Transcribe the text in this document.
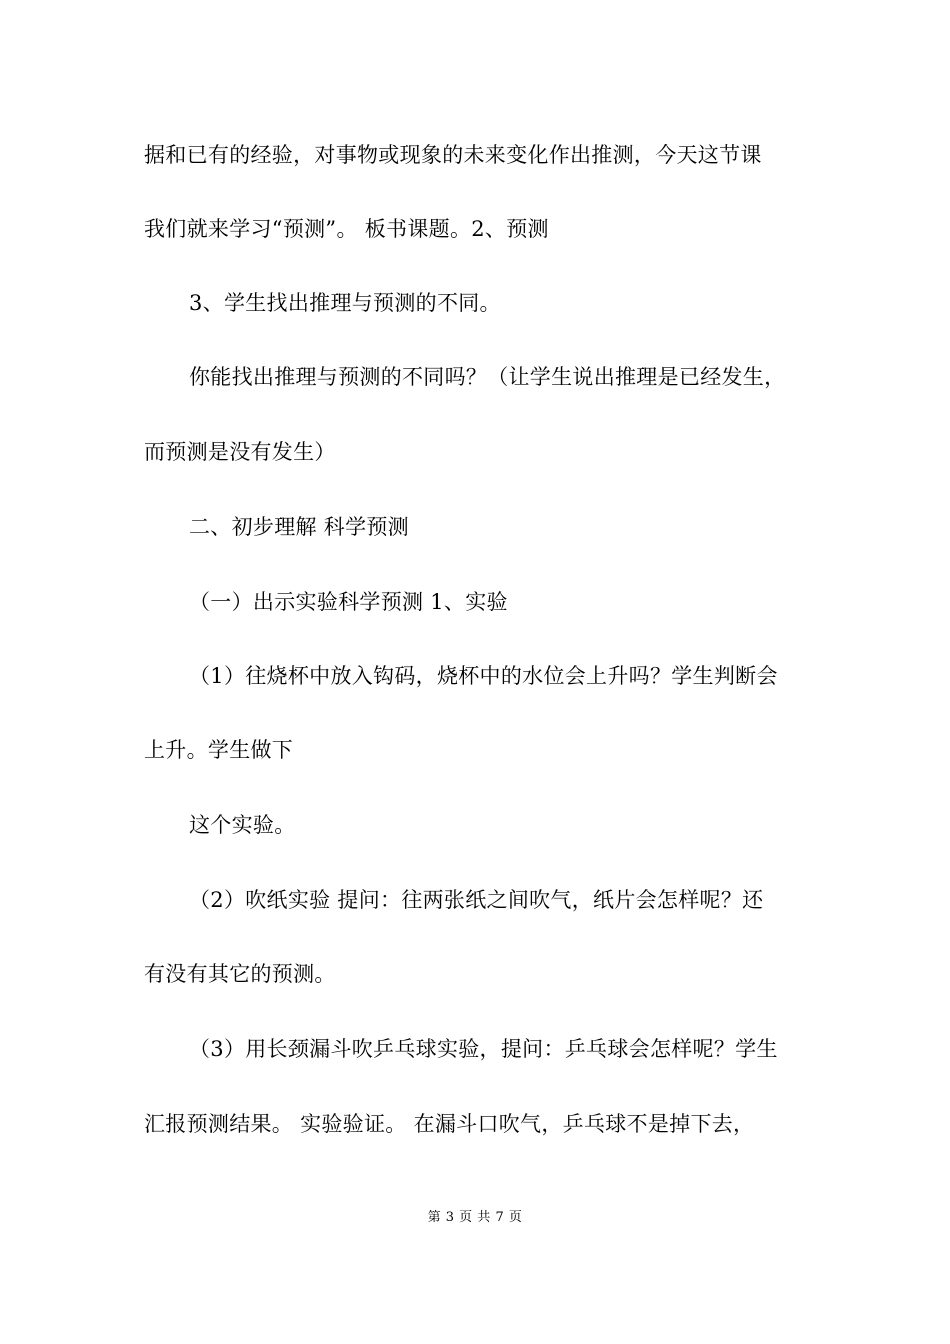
据和已有的经验，对事物或现象的未来变化作出推测，今天这节课
我们就来学习“预测”。 板书课题。2、预测
3、学生找出推理与预测的不同。
你能找出推理与预测的不同吗？（让学生说出推理是已经发生，
而预测是没有发生）
二、初步理解 科学预测
（一）出示实验科学预测 1、实验
（1）往烧杯中放入钩码，烧杯中的水位会上升吗？学生判断会
上升。学生做下
这个实验。
（2）吹纸实验 提问：往两张纸之间吹气，纸片会怎样呢？还
有没有其它的预测。
（3）用长颈漏斗吹乒乓球实验，提问：乒乓球会怎样呢？学生
汇报预测结果。 实验验证。 在漏斗口吹气，乒乓球不是掉下去，
第 3 页 共 7 页
